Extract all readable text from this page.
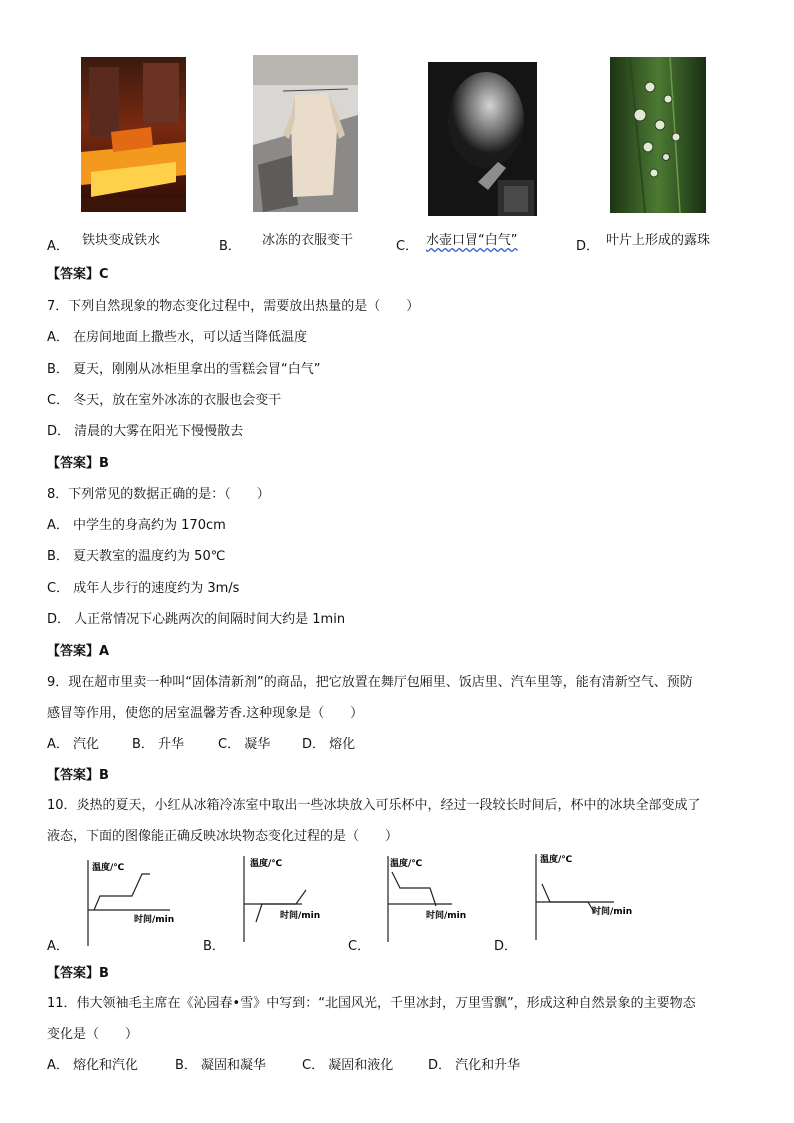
A． 铁块变成铁水	B． 冰冻的衣服变干	C． 水壶口冒“白气”	D． 叶片上形成的露珠
【答案】C
7．下列自然现象的物态变化过程中，需要放出热量的是（　　）
A． 在房间地面上撒些水，可以适当降低温度
B． 夏天，刚刚从冰柜里拿出的雪糕会冒“白气”
C． 冬天，放在室外冰冻的衣服也会变干
D． 清晨的大雾在阳光下慢慢散去
【答案】B
8．下列常见的数据正确的是：（　　）
A． 中学生的身高约为 170cm
B． 夏天教室的温度约为 50℃
C． 成年人步行的速度约为 3m/s
D． 人正常情况下心跳两次的间隔时间大约是 1min
【答案】A
9．现在超市里卖一种叫“固体清新剂”的商品，把它放置在舞厅包厢里、饭店里、汽车里等，能有清新空气、预防
感冒等作用，使您的居室温馨芳香.这种现象是（　　）
A． 汽化	B． 升华	C． 凝华 D． 熔化
【答案】B
10．炎热的夏天，小红从冰箱冷冻室中取出一些冰块放入可乐杯中，经过一段较长时间后，杯中的冰块全部变成了
液态，下面的图像能正确反映冰块物态变化过程的是（　　）
温度/℃
时间/min
A．
温度/℃
时间/min
B．
温度/℃
时间/min
C．
温度/℃
时间/min
D．
【答案】B
11．伟大领袖毛主席在《沁园春•雪》中写到：“北国风光，千里冰封，万里雪飘”，形成这种自然景象的主要物态
变化是（　　）
A． 熔化和汽化	B． 凝固和凝华	C． 凝固和液化	D． 汽化和升华
